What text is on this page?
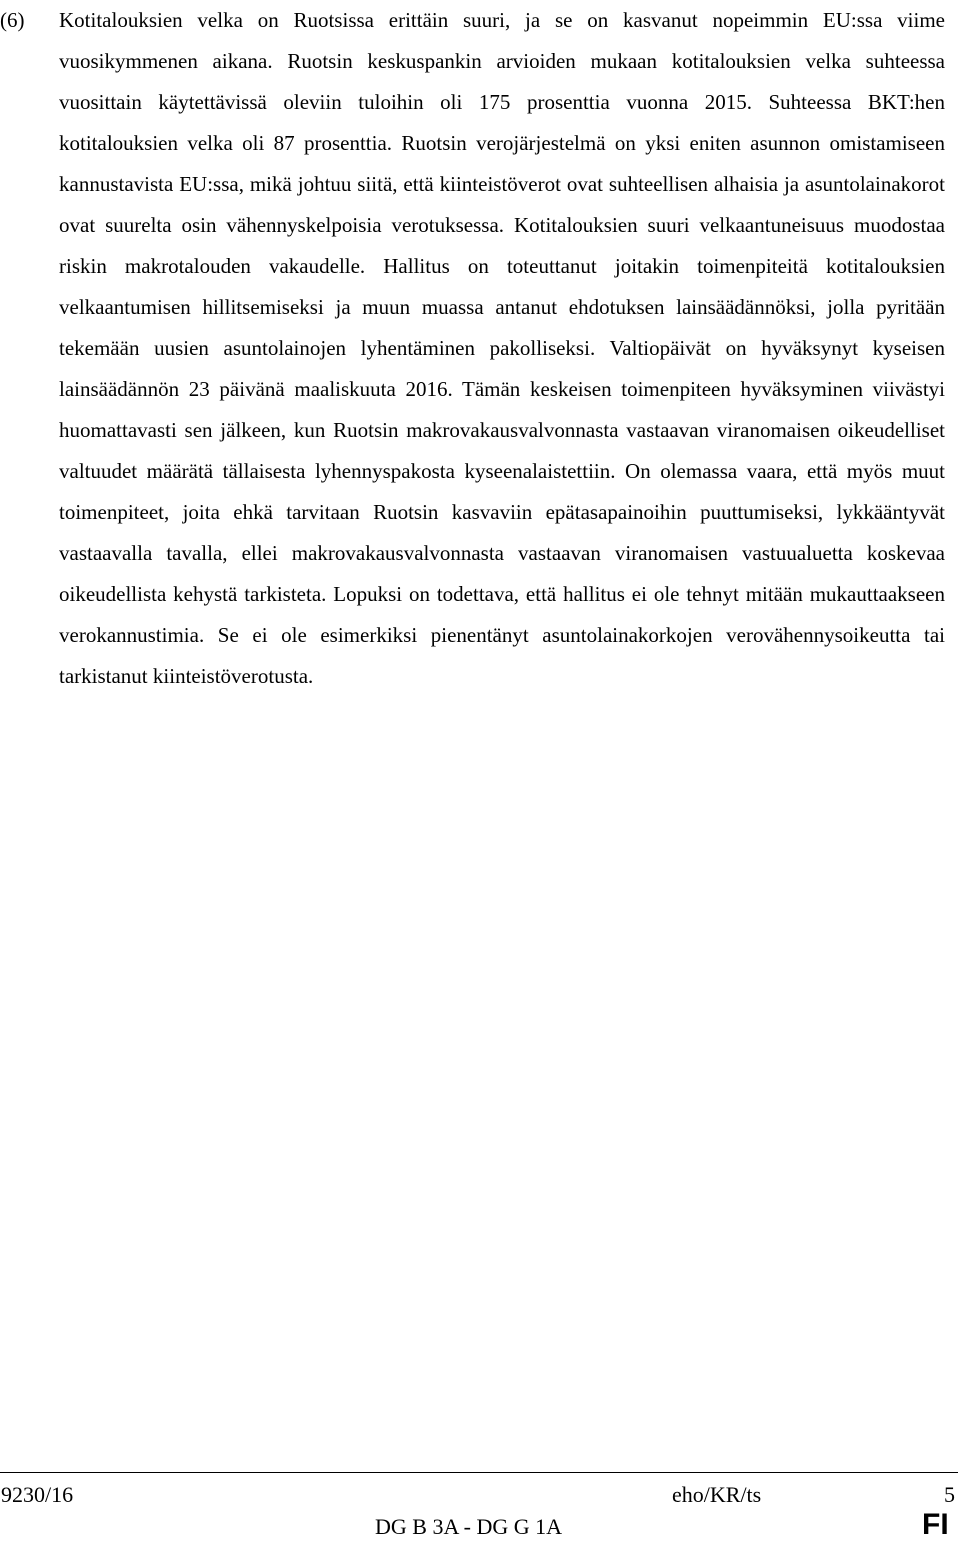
(6)	Kotitalouksien velka on Ruotsissa erittäin suuri, ja se on kasvanut nopeimmin EU:ssa viime vuosikymmenen aikana. Ruotsin keskuspankin arvioiden mukaan kotitalouksien velka suhteessa vuosittain käytettävissä oleviin tuloihin oli 175 prosenttia vuonna 2015. Suhteessa BKT:hen kotitalouksien velka oli 87 prosenttia. Ruotsin verojärjestelmä on yksi eniten asunnon omistamiseen kannustavista EU:ssa, mikä johtuu siitä, että kiinteistöverot ovat suhteellisen alhaisia ja asuntolainakorot ovat suurelta osin vähennyskelpoisia verotuksessa. Kotitalouksien suuri velkaantuneisuus muodostaa riskin makrotalouden vakaudelle. Hallitus on toteuttanut joitakin toimenpiteitä kotitalouksien velkaantumisen hillitsemiseksi ja muun muassa antanut ehdotuksen lainsäädännöksi, jolla pyritään tekemään uusien asuntolainojen lyhentäminen pakolliseksi. Valtiopäivät on hyväksynyt kyseisen lainsäädännön 23 päivänä maaliskuuta 2016. Tämän keskeisen toimenpiteen hyväksyminen viivästyi huomattavasti sen jälkeen, kun Ruotsin makrovakausvalvonnasta vastaavan viranomaisen oikeudelliset valtuudet määrätä tällaisesta lyhennyspakosta kyseenalaistettiin. On olemassa vaara, että myös muut toimenpiteet, joita ehkä tarvitaan Ruotsin kasvaviin epätasapainoihin puuttumiseksi, lykkääntyvät vastaavalla tavalla, ellei makrovakausvalvonnasta vastaavan viranomaisen vastuualuetta koskevaa oikeudellista kehystä tarkisteta. Lopuksi on todettava, että hallitus ei ole tehnyt mitään mukauttaakseen verokannustimia. Se ei ole esimerkiksi pienentänyt asuntolainakorkojen verovähennysoikeutta tai tarkistanut kiinteistöverotusta.

9230/16	eho/KR/ts	5
DG B 3A - DG G 1A	FI
